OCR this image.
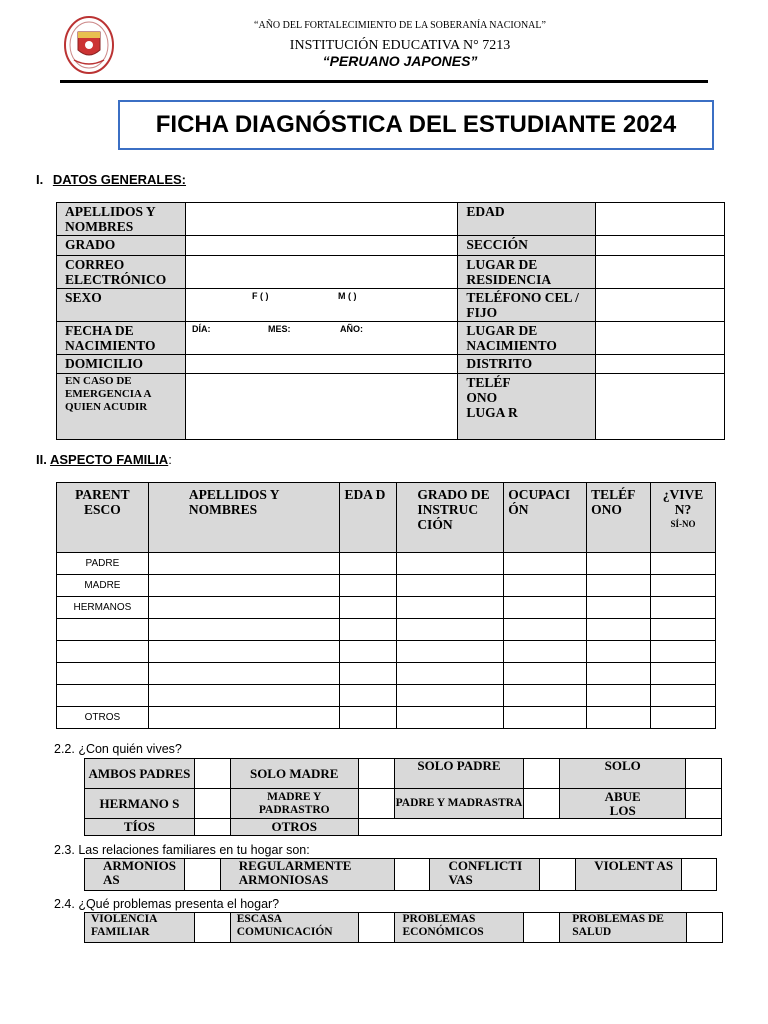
“AÑO DEL FORTALECIMIENTO DE LA SOBERANÍA NACIONAL”
INSTITUCIÓN EDUCATIVA N° 7213
“PERUANO JAPONES”
FICHA DIAGNÓSTICA DEL ESTUDIANTE 2024
I. DATOS GENERALES:
APELLIDOS Y NOMBRES		EDAD	
GRADO		SECCIÓN	
CORREO ELECTRÓNICO		LUGAR DE RESIDENCIA	
SEXO	F ( ) M ( )	TELÉFONO CEL / FIJO	
FECHA DE NACIMIENTO	DÍA: MES: AÑO:	LUGAR DE NACIMIENTO	
DOMICILIO		DISTRITO	
EN CASO DE EMERGENCIA A QUIEN ACUDIR		TELÉF ONO LUGA R	

II. ASPECTO FAMILIA:
PARENT ESCO	APELLIDOS Y NOMBRES	EDA D	GRADO DE INSTRUC CIÓN	OCUPACI ÓN	TELÉF ONO	¿VIVE N?
SÍ-NO

PADRE						
MADRE						
HERMANOS						

OTROS						
2.2. ¿Con quién vives?
AMBOS PADRES		SOLO MADRE		SOLO PADRE		SOLO	
HERMANO S		MADRE Y PADRASTRO		PADRE Y MADRASTRA		ABUE LOS	

TÍOS		OTROS					
2.3. Las relaciones familiares en tu hogar son:
ARMONIOS AS		REGULARMENTE ARMONIOSAS		CONFLICTI VAS		VIOLENT AS	
2.4. ¿Qué problemas presenta el hogar?
VIOLENCIA FAMILIAR		ESCASA COMUNICACIÓN		PROBLEMAS ECONÓMICOS		PROBLEMAS DE SALUD	
